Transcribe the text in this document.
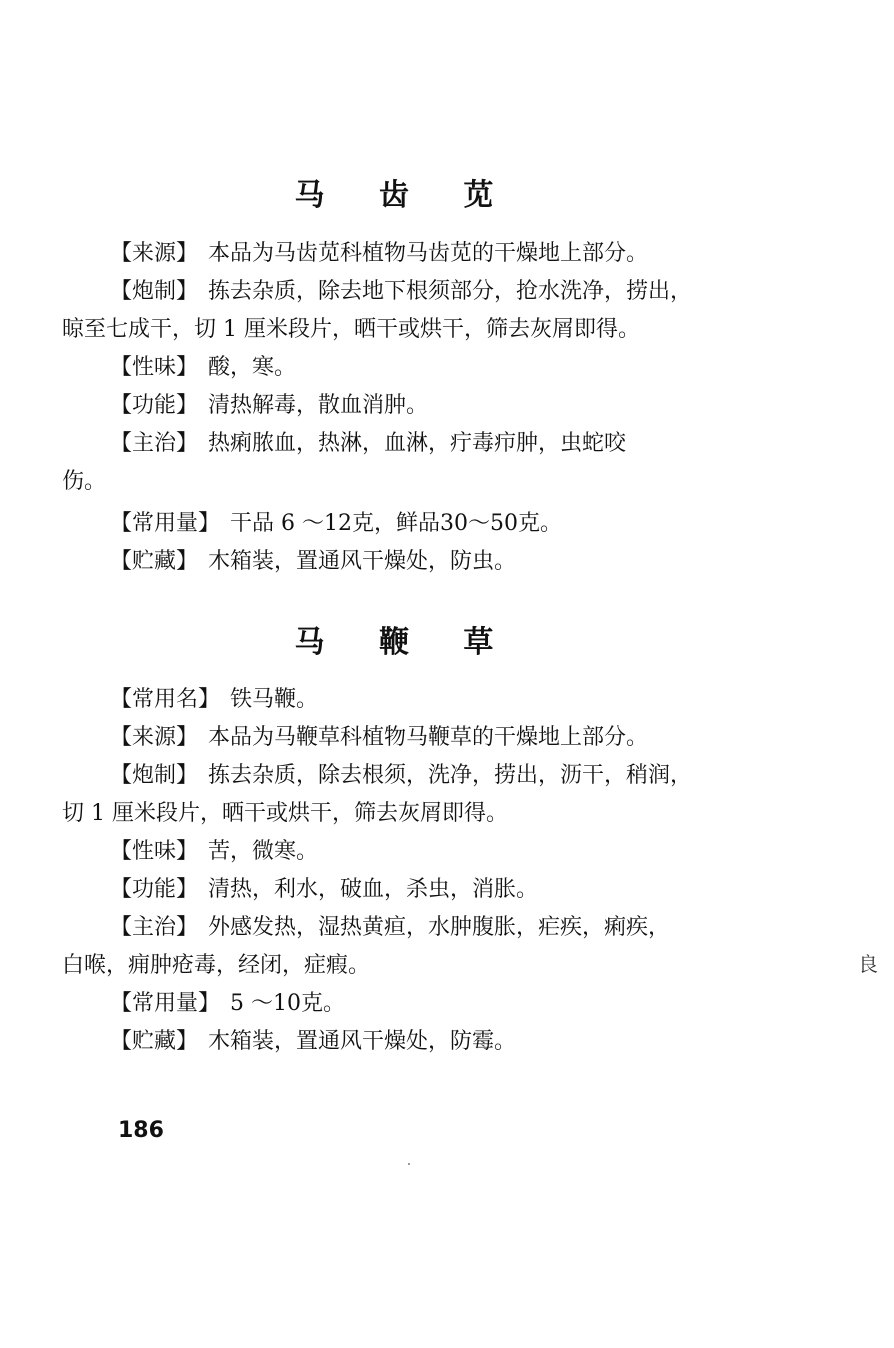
马 齿 苋
【来源】 本品为马齿苋科植物马齿苋的干燥地上部分。
【炮制】 拣去杂质，除去地下根须部分，抢水洗净，捞出，
晾至七成干，切 1 厘米段片，晒干或烘干，筛去灰屑即得。
【性味】 酸，寒。
【功能】 清热解毒，散血消肿。
【主治】 热痢脓血，热淋，血淋，疔毒疖肿，虫蛇咬
伤。
【常用量】 干品 6 ～12克，鲜品30～50克。
【贮藏】 木箱装，置通风干燥处，防虫。
马 鞭 草
【常用名】 铁马鞭。
【来源】 本品为马鞭草科植物马鞭草的干燥地上部分。
【炮制】 拣去杂质，除去根须，洗净，捞出，沥干，稍润，
切 1 厘米段片，晒干或烘干，筛去灰屑即得。
【性味】 苦，微寒。
【功能】 清热，利水，破血，杀虫，消胀。
【主治】 外感发热，湿热黄疸，水肿腹胀，疟疾，痢疾，
白喉，痈肿疮毒，经闭，症瘕。
【常用量】 5 ～10克。
【贮藏】 木箱装，置通风干燥处，防霉。
良
186
